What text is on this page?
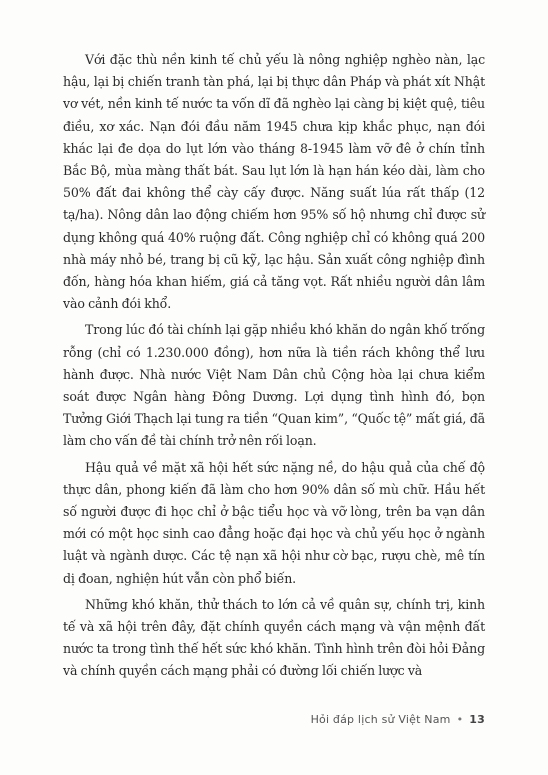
Với đặc thù nền kinh tế chủ yếu là nông nghiệp nghèo nàn, lạc hậu, lại bị chiến tranh tàn phá, lại bị thực dân Pháp và phát xít Nhật vơ vét, nền kinh tế nước ta vốn dĩ đã nghèo lại càng bị kiệt quệ, tiêu điều, xơ xác. Nạn đói đầu năm 1945 chưa kịp khắc phục, nạn đói khác lại đe dọa do lụt lớn vào tháng 8-1945 làm vỡ đê ở chín tỉnh Bắc Bộ, mùa màng thất bát. Sau lụt lớn là hạn hán kéo dài, làm cho 50% đất đai không thể cày cấy được. Năng suất lúa rất thấp (12 tạ/ha). Nông dân lao động chiếm hơn 95% số hộ nhưng chỉ được sử dụng không quá 40% ruộng đất. Công nghiệp chỉ có không quá 200 nhà máy nhỏ bé, trang bị cũ kỹ, lạc hậu. Sản xuất công nghiệp đình đốn, hàng hóa khan hiếm, giá cả tăng vọt. Rất nhiều người dân lâm vào cảnh đói khổ.

Trong lúc đó tài chính lại gặp nhiều khó khăn do ngân khố trống rỗng (chỉ có 1.230.000 đồng), hơn nữa là tiền rách không thể lưu hành được. Nhà nước Việt Nam Dân chủ Cộng hòa lại chưa kiểm soát được Ngân hàng Đông Dương. Lợi dụng tình hình đó, bọn Tưởng Giới Thạch lại tung ra tiền “Quan kim”, “Quốc tệ” mất giá, đã làm cho vấn đề tài chính trở nên rối loạn.

Hậu quả về mặt xã hội hết sức nặng nề, do hậu quả của chế độ thực dân, phong kiến đã làm cho hơn 90% dân số mù chữ. Hầu hết số người được đi học chỉ ở bậc tiểu học và vỡ lòng, trên ba vạn dân mới có một học sinh cao đẳng hoặc đại học và chủ yếu học ở ngành luật và ngành dược. Các tệ nạn xã hội như cờ bạc, rượu chè, mê tín dị đoan, nghiện hút vẫn còn phổ biến.

Những khó khăn, thử thách to lớn cả về quân sự, chính trị, kinh tế và xã hội trên đây, đặt chính quyền cách mạng và vận mệnh đất nước ta trong tình thế hết sức khó khăn. Tình hình trên đòi hỏi Đảng và chính quyền cách mạng phải có đường lối chiến lược và

Hỏi đáp lịch sử Việt Nam • 13
